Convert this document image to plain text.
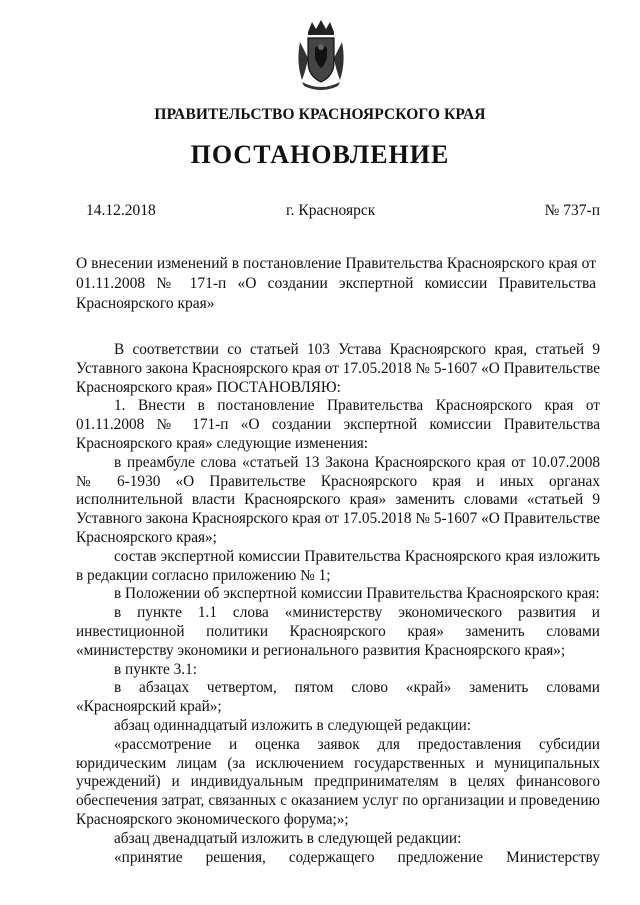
ПРАВИТЕЛЬСТВО КРАСНОЯРСКОГО КРАЯ
ПОСТАНОВЛЕНИЕ
14.12.2018	г. Красноярск	№ 737-п
О внесении изменений в постановление Правительства Красноярского края от 01.11.2008 № 171-п «О создании экспертной комиссии Правительства Красноярского края»

В соответствии со статьей 103 Устава Красноярского края, статьей 9 Уставного закона Красноярского края от 17.05.2018 № 5-1607 «О Правительстве Красноярского края» ПОСТАНОВЛЯЮ:

1. Внести в постановление Правительства Красноярского края от 01.11.2008 № 171-п «О создании экспертной комиссии Правительства Красноярского края» следующие изменения:

в преамбуле слова «статьей 13 Закона Красноярского края от 10.07.2008 № 6-1930 «О Правительстве Красноярского края и иных органах исполнительной власти Красноярского края» заменить словами «статьей 9 Уставного закона Красноярского края от 17.05.2018 № 5-1607 «О Правительстве Красноярского края»;

состав экспертной комиссии Правительства Красноярского края изложить в редакции согласно приложению № 1;

в Положении об экспертной комиссии Правительства Красноярского края:

в пункте 1.1 слова «министерству экономического развития и инвестиционной политики Красноярского края» заменить словами «министерству экономики и регионального развития Красноярского края»;

в пункте 3.1:

в абзацах четвертом, пятом слово «край» заменить словами «Красноярский край»;

абзац одиннадцатый изложить в следующей редакции:

«рассмотрение и оценка заявок для предоставления субсидии юридическим лицам (за исключением государственных и муниципальных учреждений) и индивидуальным предпринимателям в целях финансового обеспечения затрат, связанных с оказанием услуг по организации и проведению Красноярского экономического форума;»;

абзац двенадцатый изложить в следующей редакции:

«принятие решения, содержащего предложение Министерству
